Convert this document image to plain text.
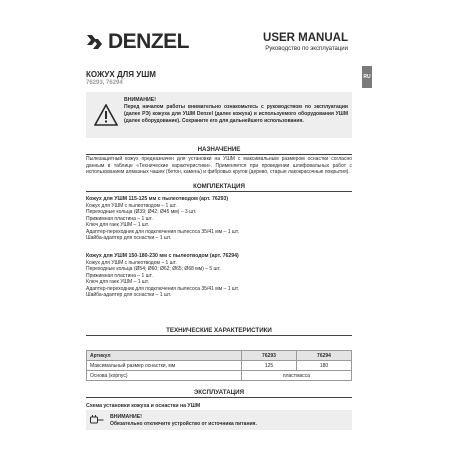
DENZEL	USER MANUAL
Руководство по эксплуатации
КОЖУХ ДЛЯ УШМ
76293, 76294
ВНИМАНИЕ!
Перед началом работы внимательно ознакомьтесь с руководством по эксплуатации (далее РЭ) кожуха для УШМ Denzel (далее кожуха) и используемого оборудования УШМ (далее оборудование). Сохраните его для дальнейшего использования.
НАЗНАЧЕНИЕ
Пылезащитный кожух предназначен для установки на УШМ с максимальным размером оснастки согласно данным в таблице «Технические характеристики». Применяется при проведении шлифовальных работ с использованием алмазных чашек (бетон, камень) и фибровых кругов (дерево, старые лакокрасочные покрытия).
КОМПЛЕКТАЦИЯ
Кожух для УШМ 115-125 мм с пылеотводом (арт. 76293)
Кожух для УШМ с пылеотводом – 1 шт.
Переходные кольца (Ø39; Ø42; Ø45 мм) – 3 шт.
Прижимная пластина – 1 шт.
Ключ для гаек УШМ – 1 шт.
Адаптер-переходник для подключения пылесоса 35/41 мм – 1 шт.
Шайба-адаптер для оснастки – 1 шт.
Кожух для УШМ 150-180-230 мм с пылеотводом (арт. 76294)
Кожух для УШМ с пылеотводом – 1 шт.
Переходные кольца (Ø54; Ø60; Ø62; Ø65; Ø68 мм) – 5 шт.
Прижимная пластина – 1 шт.
Ключ для гаек УШМ – 1 шт.
Адаптер-переходник для подключения пылесоса 35/41 мм – 1 шт.
Шайба-адаптер для оснастки – 1 шт.
ТЕХНИЧЕСКИЕ ХАРАКТЕРИСТИКИ
Артикул	76293	76294
Максимальный размер оснастки, мм	125	180
Основа (корпус)	пластмасса	
ЭКСПЛУАТАЦИЯ
Схема установки кожуха и оснастки на УШМ
ВНИМАНИЕ!
Обязательно отключите устройство от источника питания.
RU
